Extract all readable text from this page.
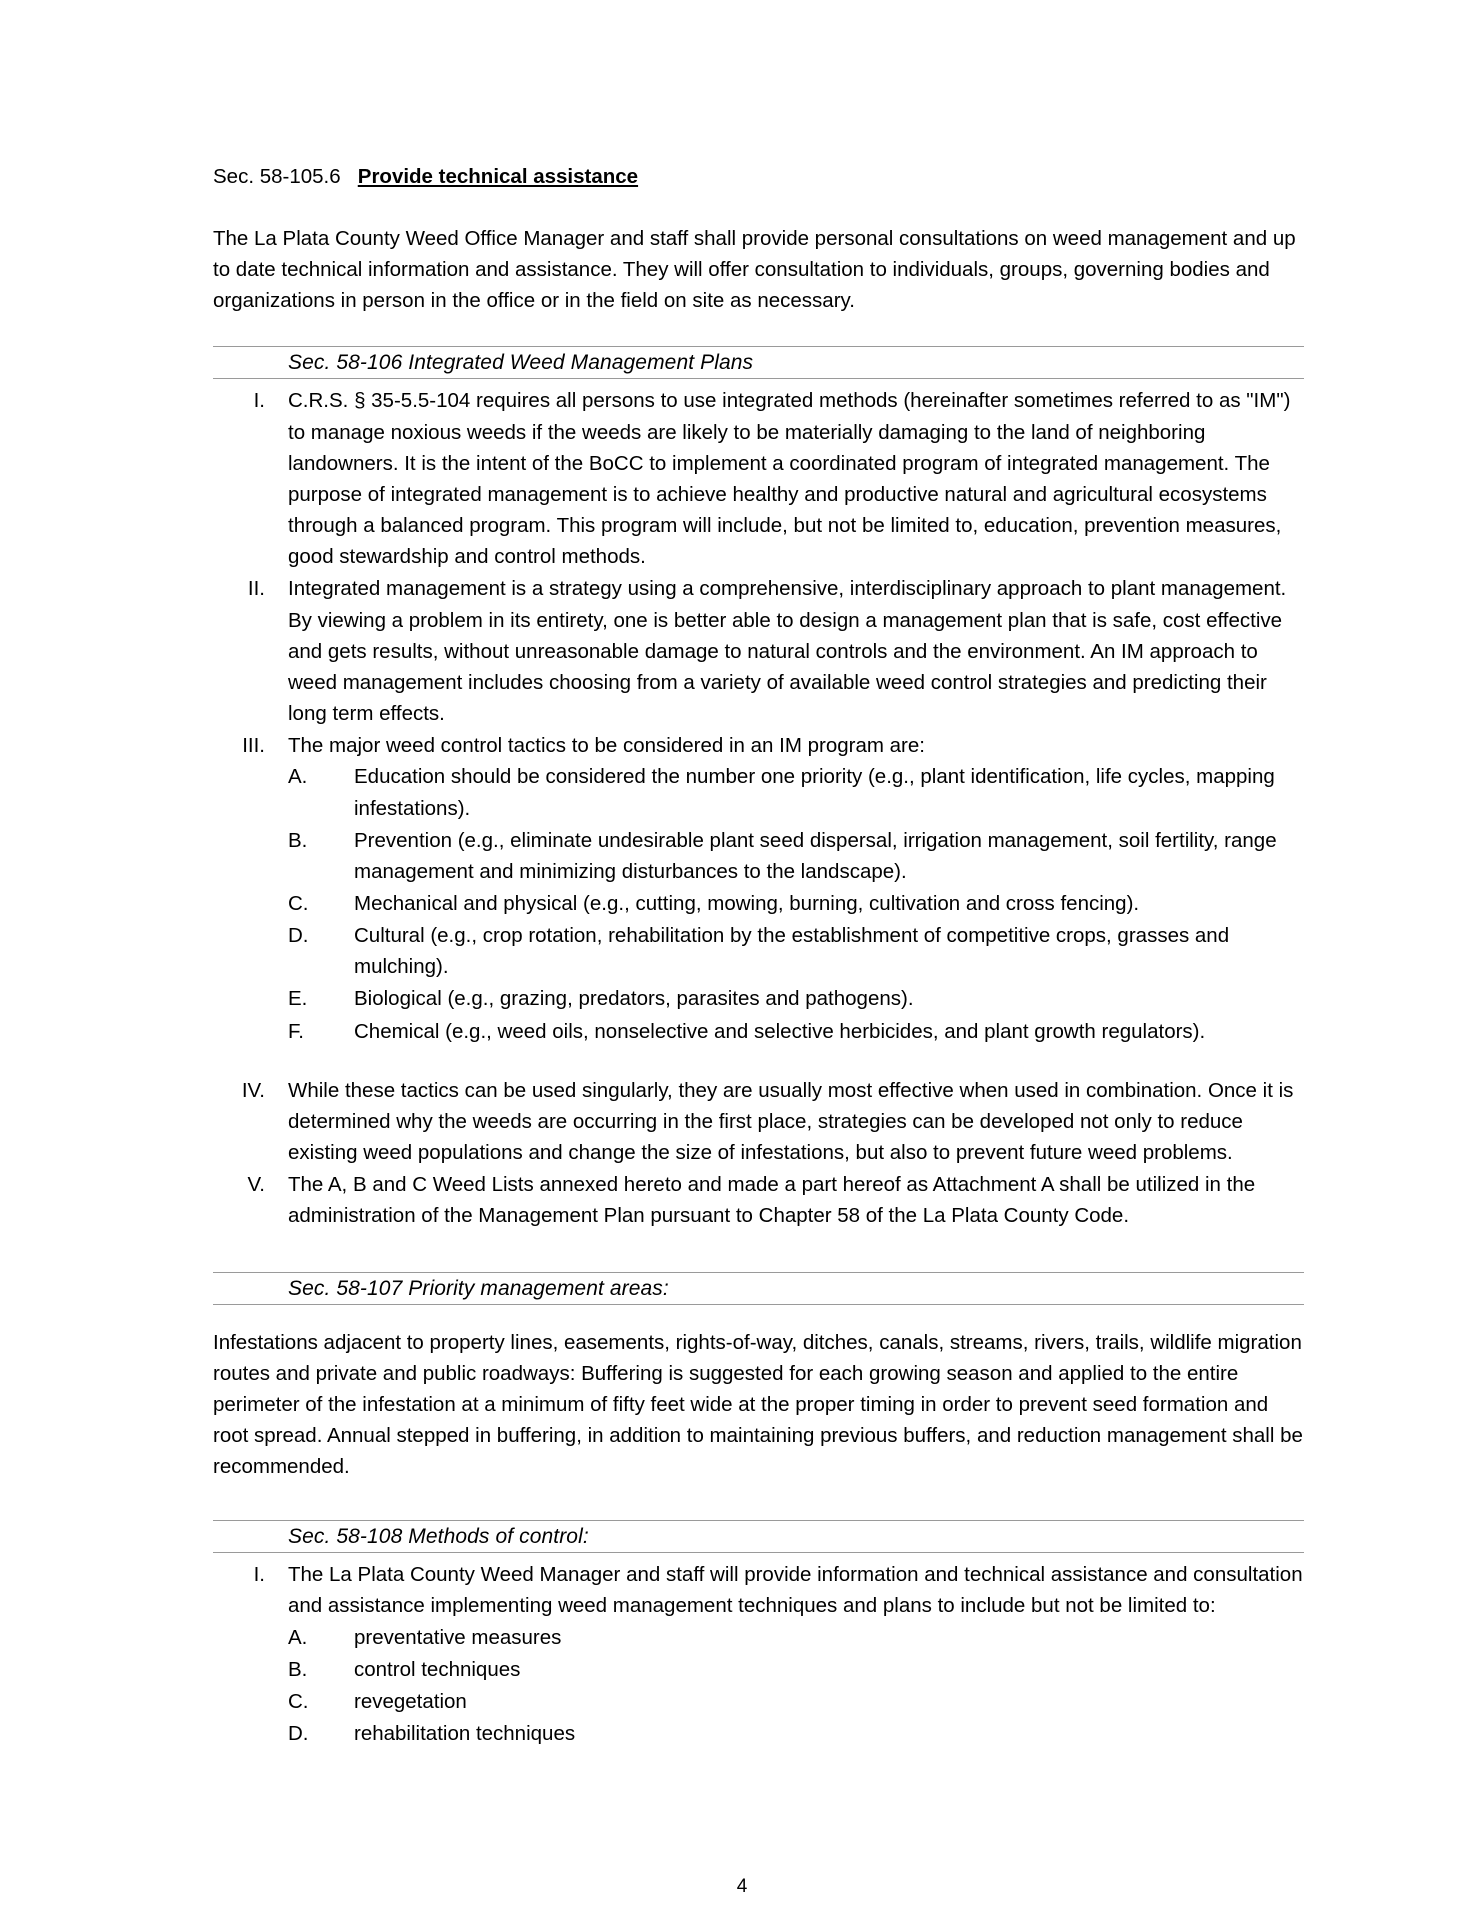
Sec. 58-105.6 Provide technical assistance

The La Plata County Weed Office Manager and staff shall provide personal consultations on weed management and up to date technical information and assistance. They will offer consultation to individuals, groups, governing bodies and organizations in person in the office or in the field on site as necessary.

Sec. 58-106 Integrated Weed Management Plans
I. C.R.S. § 35-5.5-104 requires all persons to use integrated methods (hereinafter sometimes referred to as "IM") to manage noxious weeds if the weeds are likely to be materially damaging to the land of neighboring landowners. It is the intent of the BoCC to implement a coordinated program of integrated management. The purpose of integrated management is to achieve healthy and productive natural and agricultural ecosystems through a balanced program. This program will include, but not be limited to, education, prevention measures, good stewardship and control methods.
II. Integrated management is a strategy using a comprehensive, interdisciplinary approach to plant management. By viewing a problem in its entirety, one is better able to design a management plan that is safe, cost effective and gets results, without unreasonable damage to natural controls and the environment. An IM approach to weed management includes choosing from a variety of available weed control strategies and predicting their long term effects.
III. The major weed control tactics to be considered in an IM program are:
A.	Education should be considered the number one priority (e.g., plant identification, life cycles, mapping infestations).
B.	Prevention (e.g., eliminate undesirable plant seed dispersal, irrigation management, soil fertility, range management and minimizing disturbances to the landscape).
C.	Mechanical and physical (e.g., cutting, mowing, burning, cultivation and cross fencing).
D.	Cultural (e.g., crop rotation, rehabilitation by the establishment of competitive crops, grasses and mulching).
E.	Biological (e.g., grazing, predators, parasites and pathogens).
F.	Chemical (e.g., weed oils, nonselective and selective herbicides, and plant growth regulators).
IV. While these tactics can be used singularly, they are usually most effective when used in combination. Once it is determined why the weeds are occurring in the first place, strategies can be developed not only to reduce existing weed populations and change the size of infestations, but also to prevent future weed problems.
V. The A, B and C Weed Lists annexed hereto and made a part hereof as Attachment A shall be utilized in the administration of the Management Plan pursuant to Chapter 58 of the La Plata County Code.
Sec. 58-107 Priority management areas:

Infestations adjacent to property lines, easements, rights-of-way, ditches, canals, streams, rivers, trails, wildlife migration routes and private and public roadways: Buffering is suggested for each growing season and applied to the entire perimeter of the infestation at a minimum of fifty feet wide at the proper timing in order to prevent seed formation and root spread. Annual stepped in buffering, in addition to maintaining previous buffers, and reduction management shall be recommended.

Sec. 58-108 Methods of control:
I. The La Plata County Weed Manager and staff will provide information and technical assistance and consultation and assistance implementing weed management techniques and plans to include but not be limited to:
A.	preventative measures
B.	control techniques
C.	revegetation
D.	rehabilitation techniques
4
